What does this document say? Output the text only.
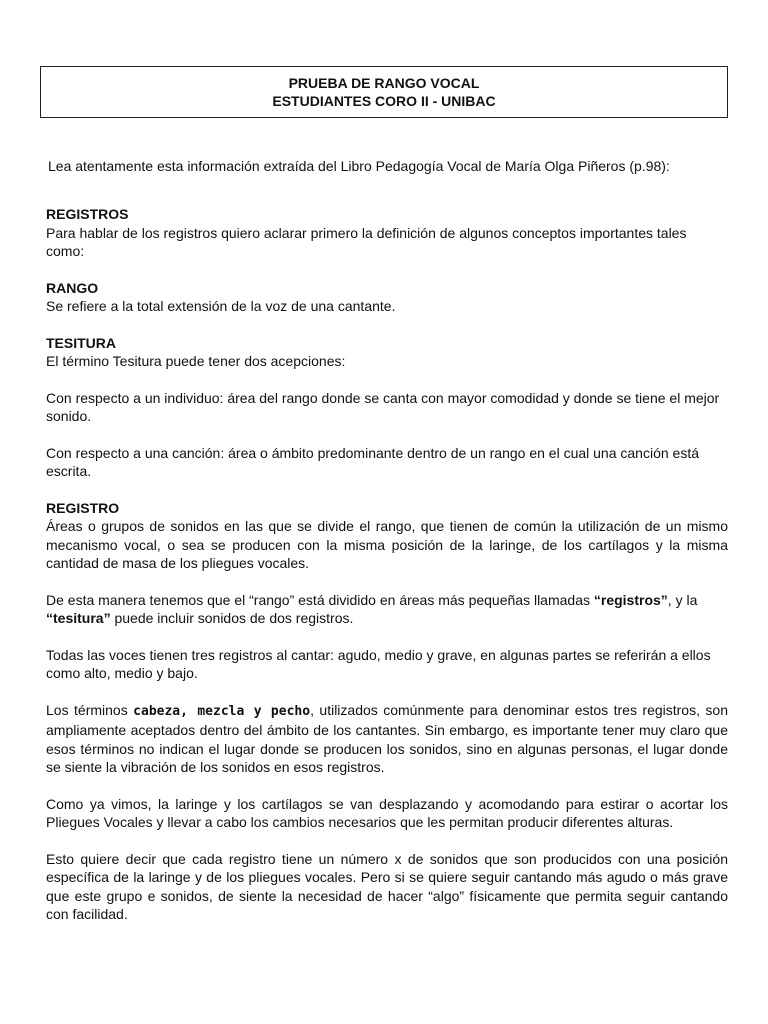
PRUEBA DE RANGO VOCAL
ESTUDIANTES CORO II - UNIBAC
Lea atentamente esta información extraída del Libro Pedagogía Vocal de María Olga Piñeros (p.98):

REGISTROS

Para hablar de los registros quiero aclarar primero la definición de algunos conceptos importantes tales como:

RANGO

Se refiere a la total extensión de la voz de una cantante.

TESITURA

El término Tesitura puede tener dos acepciones:

Con respecto a un individuo: área del rango donde se canta con mayor comodidad y donde se tiene el mejor sonido.

Con respecto a una canción: área o ámbito predominante dentro de un rango en el cual una canción está escrita.

REGISTRO

Áreas o grupos de sonidos en las que se divide el rango, que tienen de común la utilización de un mismo mecanismo vocal, o sea se producen con la misma posición de la laringe, de los cartílagos y la misma cantidad de masa de los pliegues vocales.

De esta manera tenemos que el “rango” está dividido en áreas más pequeñas llamadas “registros”, y la “tesitura” puede incluir sonidos de dos registros.

Todas las voces tienen tres registros al cantar: agudo, medio y grave, en algunas partes se referirán a ellos como alto, medio y bajo.

Los términos cabeza, mezcla y pecho, utilizados comúnmente para denominar estos tres registros, son ampliamente aceptados dentro del ámbito de los cantantes. Sin embargo, es importante tener muy claro que esos términos no indican el lugar donde se producen los sonidos, sino en algunas personas, el lugar donde se siente la vibración de los sonidos en esos registros.

Como ya vimos, la laringe y los cartílagos se van desplazando y acomodando para estirar o acortar los Pliegues Vocales y llevar a cabo los cambios necesarios que les permitan producir diferentes alturas.

Esto quiere decir que cada registro tiene un número x de sonidos que son producidos con una posición específica de la laringe y de los pliegues vocales. Pero si se quiere seguir cantando más agudo o más grave que este grupo e sonidos, de siente la necesidad de hacer “algo” físicamente que permita seguir cantando con facilidad.
